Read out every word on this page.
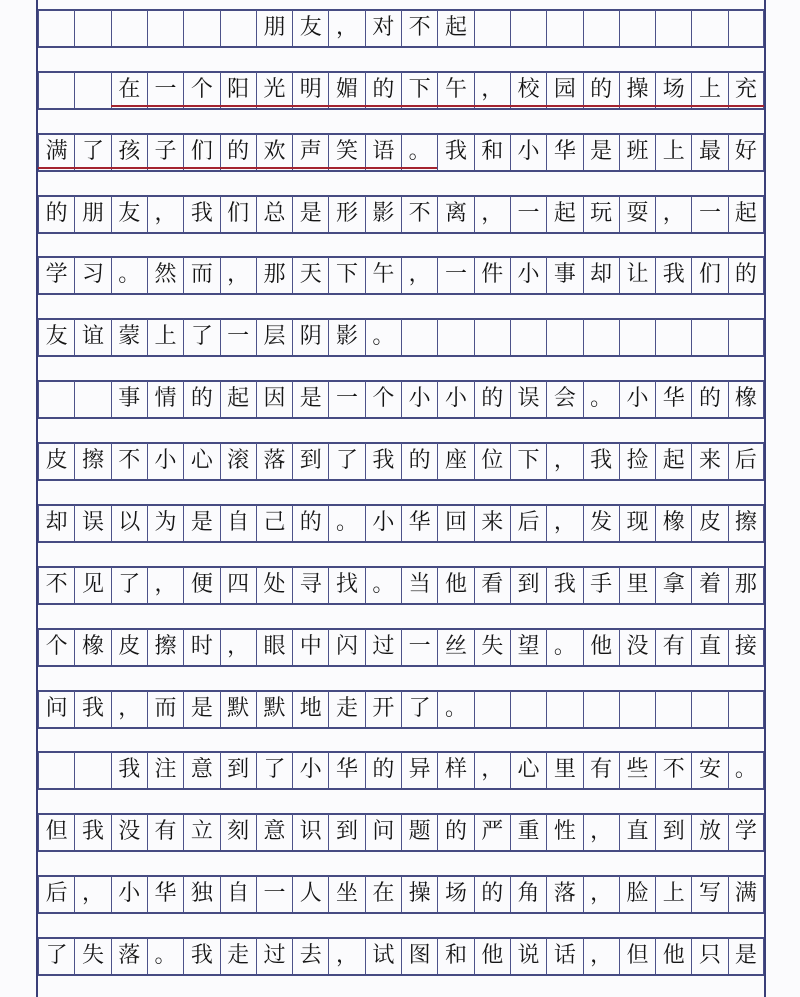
朋 友 ， 对 不 起
在 一 个 阳 光 明 媚 的 下 午 ， 校 园 的 操 场 上 充
满 了 孩 子 们 的 欢 声 笑 语 。 我 和 小 华 是 班 上 最 好
的 朋 友 ， 我 们 总 是 形 影 不 离 ， 一 起 玩 耍 ， 一 起
学 习 。 然 而 ， 那 天 下 午 ， 一 件 小 事 却 让 我 们 的
友 谊 蒙 上 了 一 层 阴 影 。
事 情 的 起 因 是 一 个 小 小 的 误 会 。 小 华 的 橡
皮 擦 不 小 心 滚 落 到 了 我 的 座 位 下 ， 我 捡 起 来 后
却 误 以 为 是 自 己 的 。 小 华 回 来 后 ， 发 现 橡 皮 擦
不 见 了 ， 便 四 处 寻 找 。 当 他 看 到 我 手 里 拿 着 那
个 橡 皮 擦 时 ， 眼 中 闪 过 一 丝 失 望 。 他 没 有 直 接
问 我 ， 而 是 默 默 地 走 开 了 。
我 注 意 到 了 小 华 的 异 样 ， 心 里 有 些 不 安 。
但 我 没 有 立 刻 意 识 到 问 题 的 严 重 性 ， 直 到 放 学
后 ， 小 华 独 自 一 人 坐 在 操 场 的 角 落 ， 脸 上 写 满
了 失 落 。 我 走 过 去 ， 试 图 和 他 说 话 ， 但 他 只 是
